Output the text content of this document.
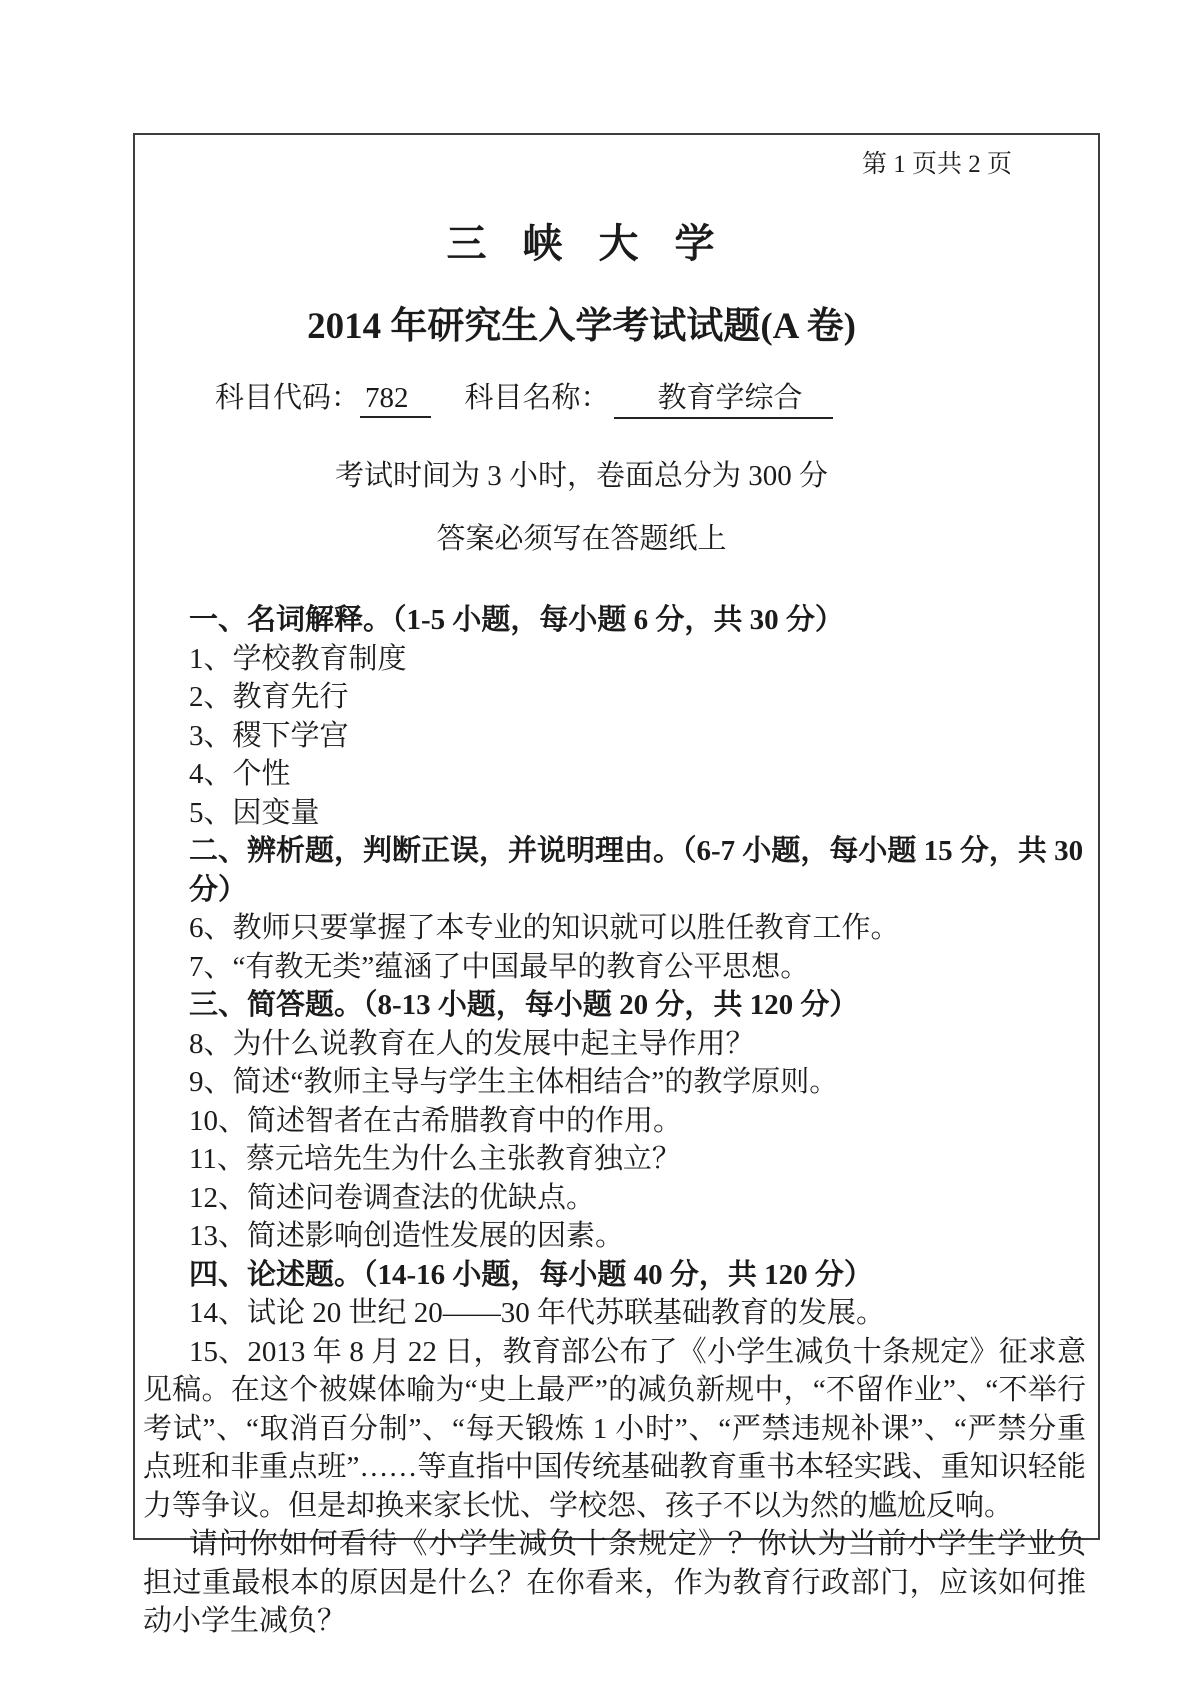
第 1 页共 2 页
三 峡 大 学
2014 年研究生入学考试试题(A 卷)
科目代码： 782 科目名称： 教育学综合
考试时间为 3 小时，卷面总分为 300 分
答案必须写在答题纸上
一、名词解释。（1-5 小题，每小题 6 分，共 30 分）
1、学校教育制度
2、教育先行
3、稷下学宫
4、个性
5、因变量
二、辨析题，判断正误，并说明理由。（6-7 小题，每小题 15 分，共 30 分）
6、教师只要掌握了本专业的知识就可以胜任教育工作。
7、“有教无类”蕴涵了中国最早的教育公平思想。
三、简答题。（8-13 小题，每小题 20 分，共 120 分）
8、为什么说教育在人的发展中起主导作用？
9、简述“教师主导与学生主体相结合”的教学原则。
10、简述智者在古希腊教育中的作用。
11、蔡元培先生为什么主张教育独立？
12、简述问卷调查法的优缺点。
13、简述影响创造性发展的因素。
四、论述题。（14-16 小题，每小题 40 分，共 120 分）
14、试论 20 世纪 20——30 年代苏联基础教育的发展。
15、2013 年 8 月 22 日，教育部公布了《小学生减负十条规定》征求意见稿。在这个被媒体喻为“史上最严”的减负新规中，“不留作业”、“不举行考试”、“取消百分制”、“每天锻炼 1 小时”、“严禁违规补课”、“严禁分重点班和非重点班”……等直指中国传统基础教育重书本轻实践、重知识轻能力等争议。但是却换来家长忧、学校怨、孩子不以为然的尴尬反响。
请问你如何看待《小学生减负十条规定》？你认为当前小学生学业负担过重最根本的原因是什么？在你看来，作为教育行政部门，应该如何推动小学生减负？
